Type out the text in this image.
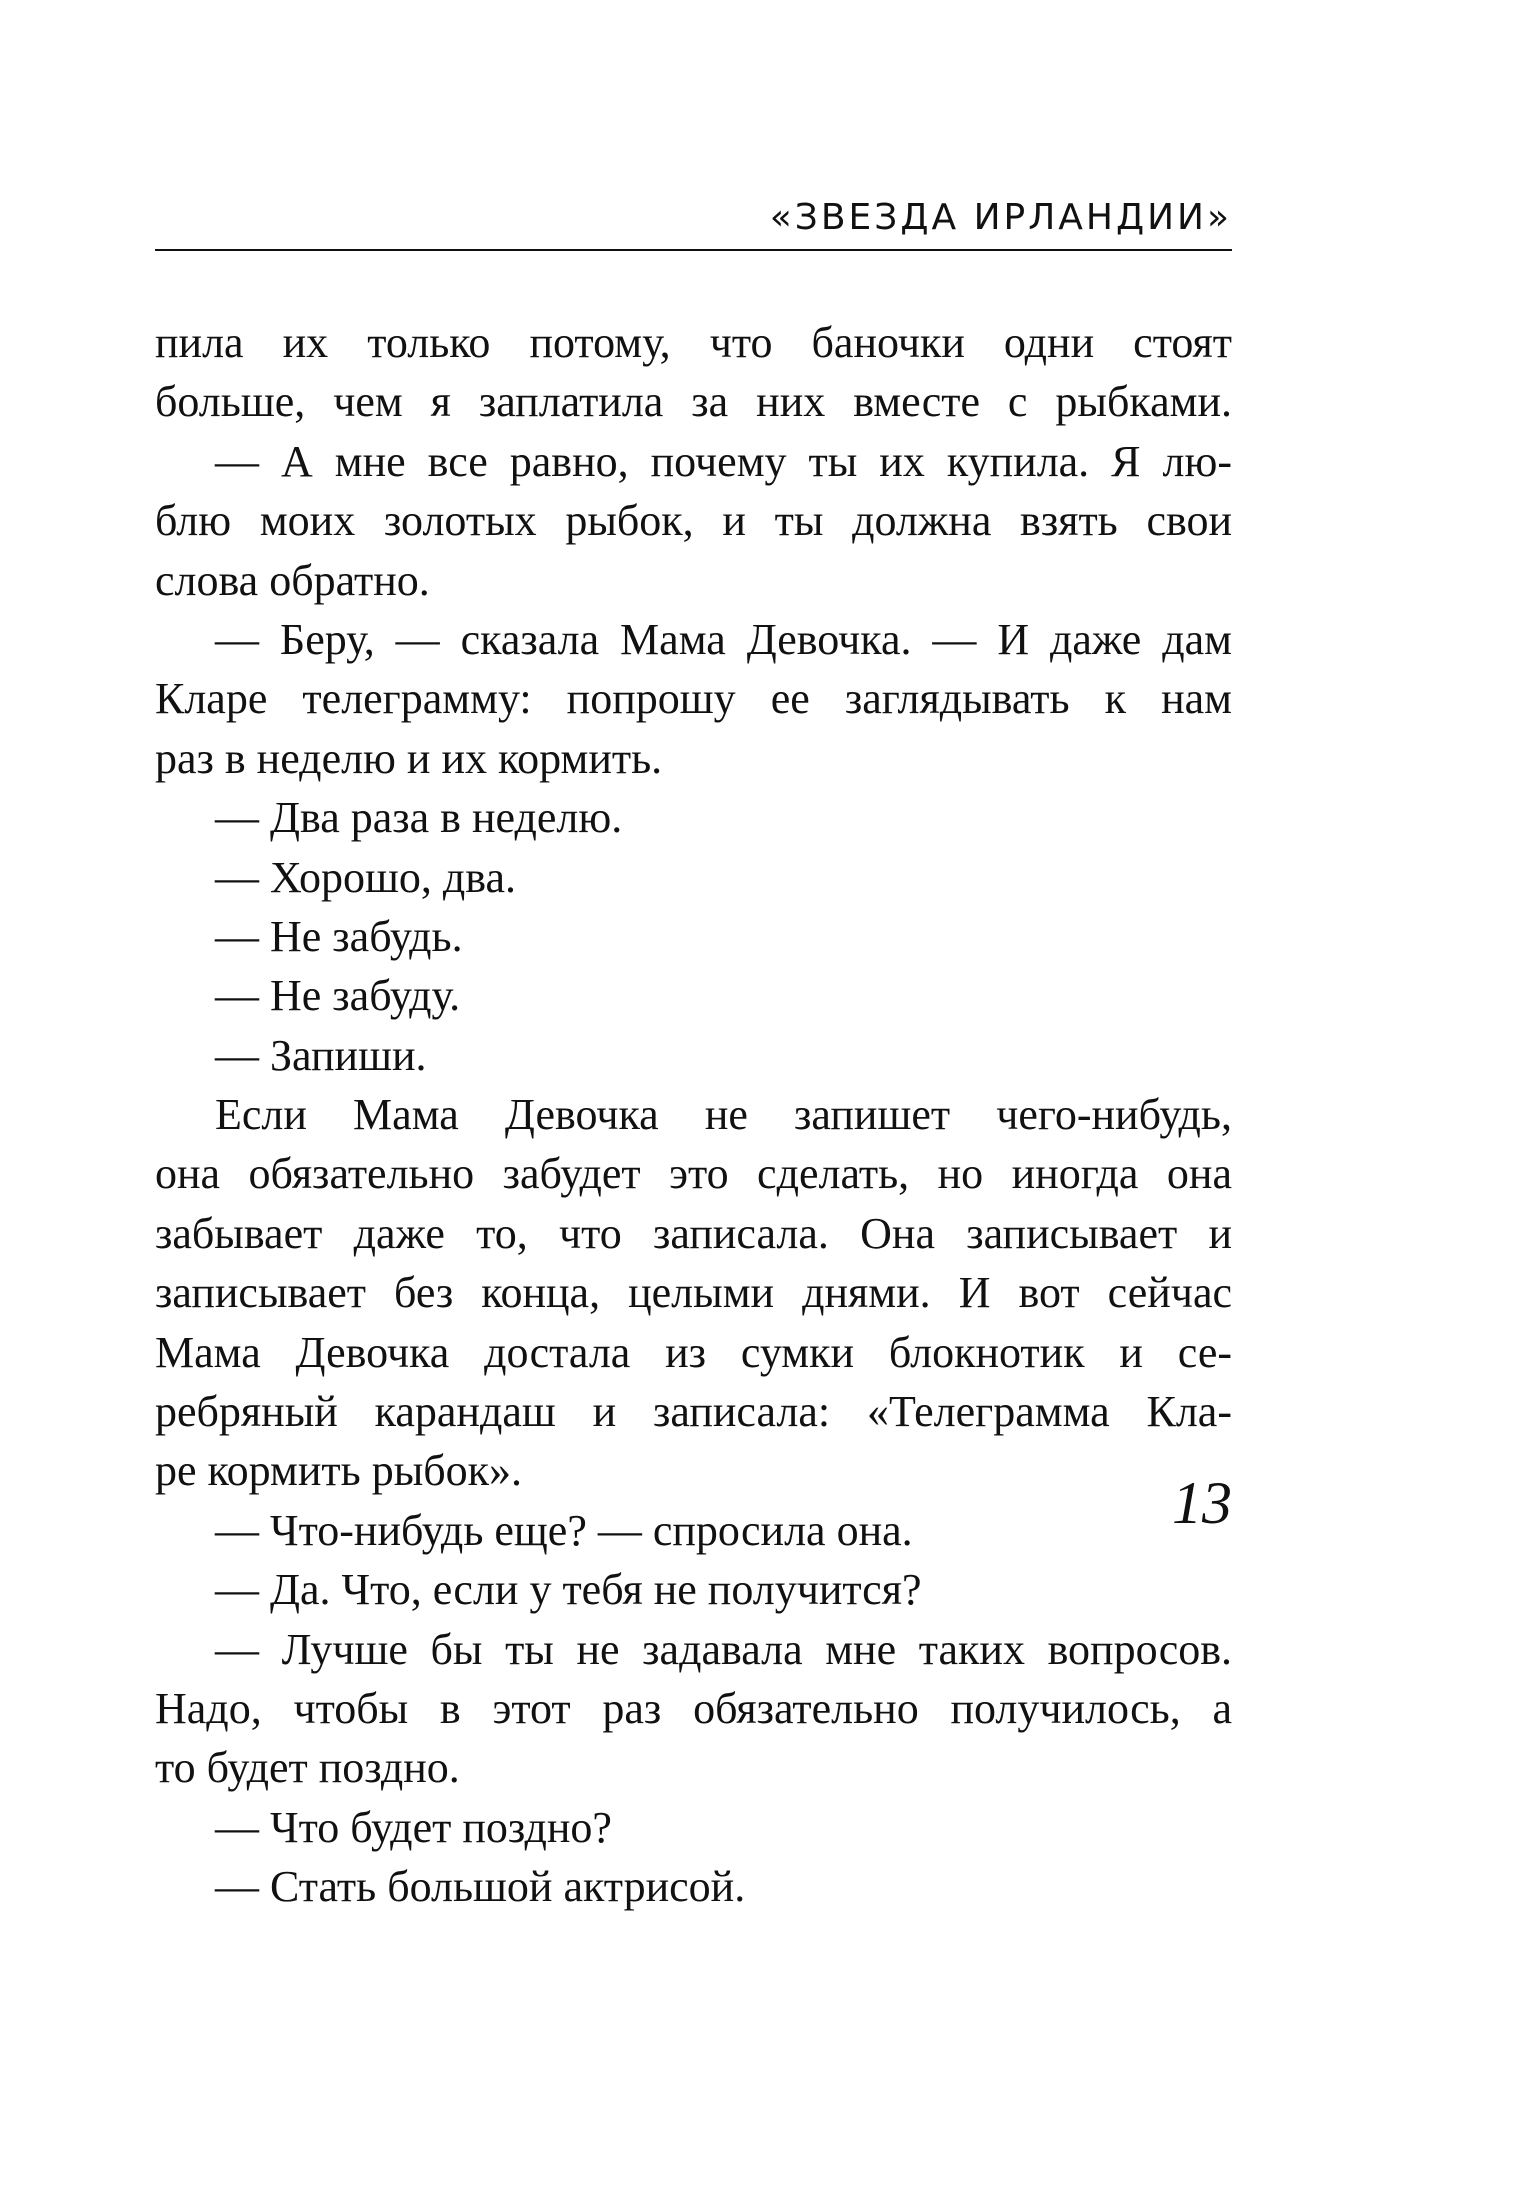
«ЗВЕЗДА ИРЛАНДИИ»
пила их только потому, что баночки одни стоят
больше, чем я заплатила за них вместе с рыбками.
— А мне все равно, почему ты их купила. Я лю-
блю моих золотых рыбок, и ты должна взять свои
слова обратно.
— Беру, — сказала Мама Девочка. — И даже дам
Кларе телеграмму: попрошу ее заглядывать к нам
раз в неделю и их кормить.
— Два раза в неделю.
— Хорошо, два.
— Не забудь.
— Не забуду.
— Запиши.
Если Мама Девочка не запишет чего-нибудь,
она обязательно забудет это сделать, но иногда она
забывает даже то, что записала. Она записывает и
записывает без конца, целыми днями. И вот сейчас
Мама Девочка достала из сумки блокнотик и се-
ребряный карандаш и записала: «Телеграмма Кла-
ре кормить рыбок».
— Что-нибудь еще? — спросила она.
— Да. Что, если у тебя не получится?
— Лучше бы ты не задавала мне таких вопросов.
Надо, чтобы в этот раз обязательно получилось, а
то будет поздно.
— Что будет поздно?
— Стать большой актрисой.
13
